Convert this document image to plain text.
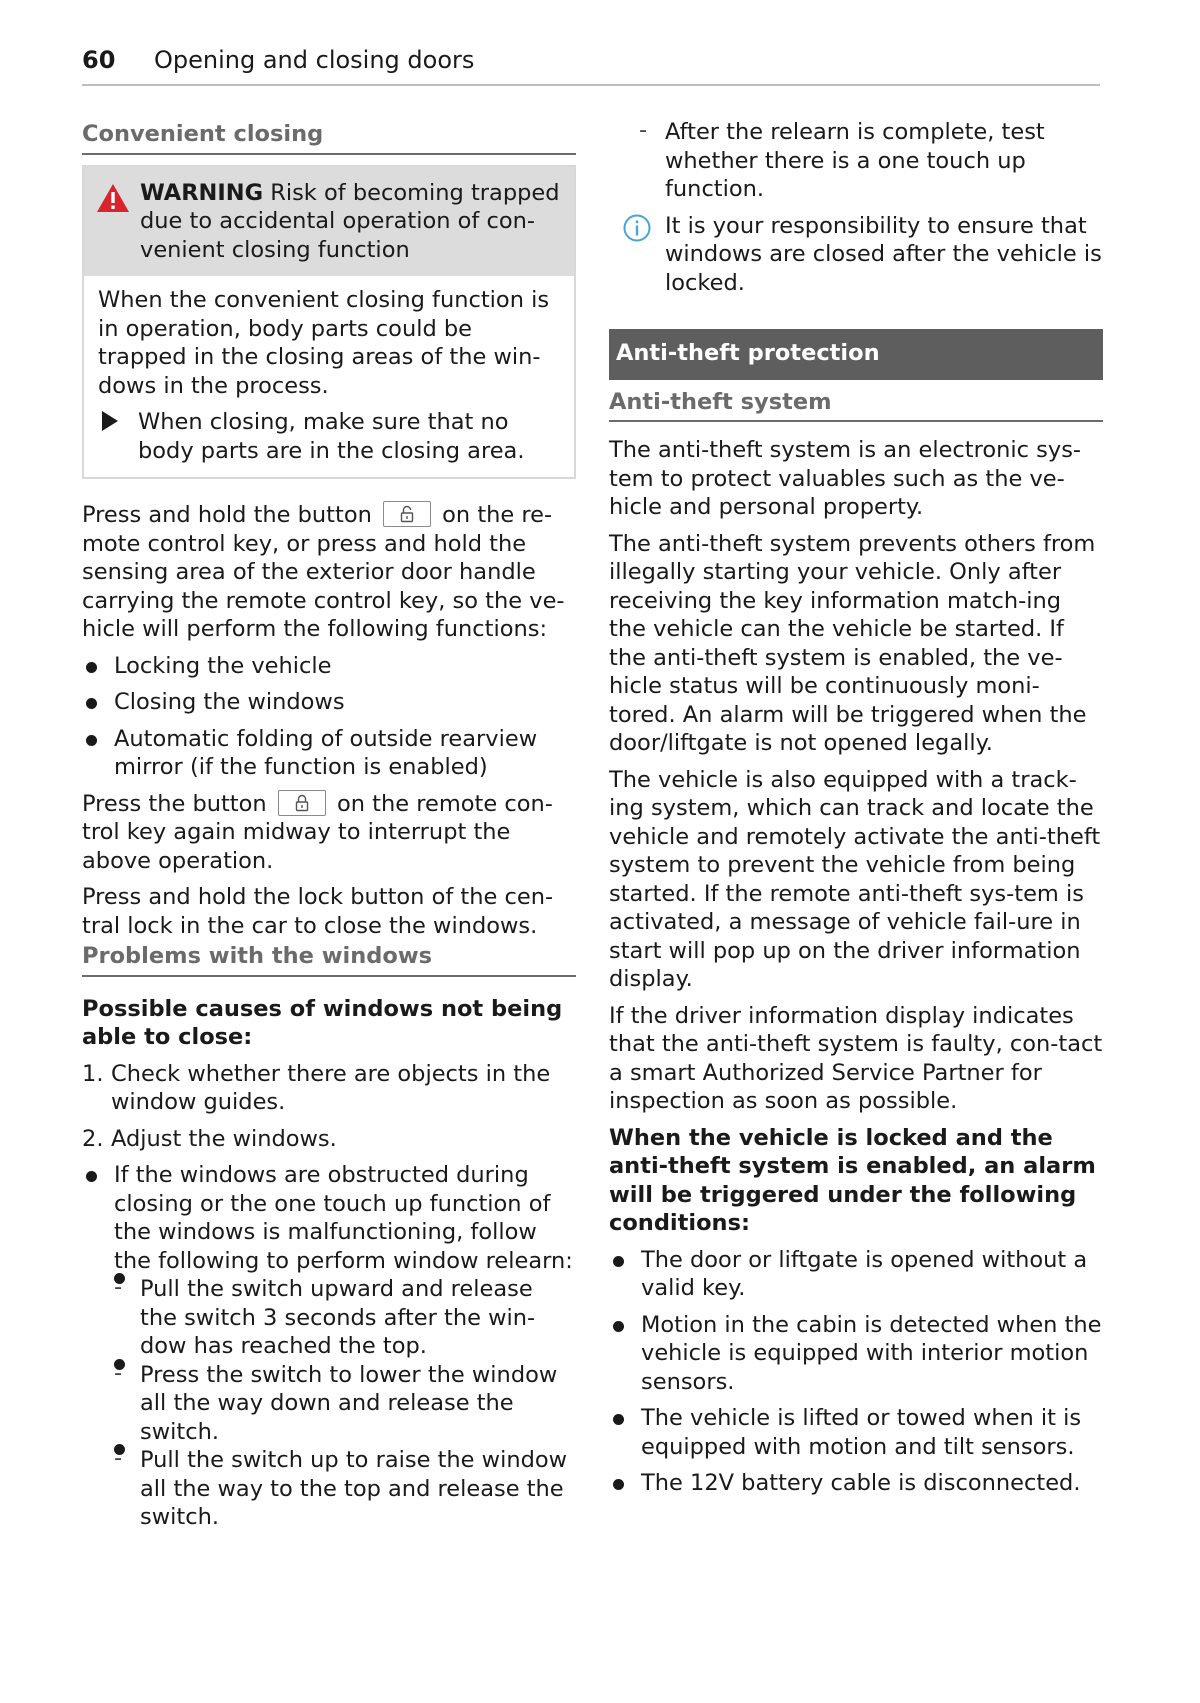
60 Opening and closing doors
Convenient closing
WARNING Risk of becoming trapped due to accidental operation of con-venient closing function

When the convenient closing function is in operation, body parts could be trapped in the closing areas of the win-dows in the process.

When closing, make sure that no body parts are in the closing area.

Press and hold the button
on the re-mote control key, or press and hold the sensing area of the exterior door handle carrying the remote control key, so the ve-hicle will perform the following functions:

Locking the vehicle
Closing the windows
Automatic folding of outside rearview mirror (if the function is enabled)

Press the button
on the remote con-trol key again midway to interrupt the above operation.

Press and hold the lock button of the cen-tral lock in the car to close the windows.

Problems with the windows

Possible causes of windows not being able to close:

1. Check whether there are objects in the window guides.
2. Adjust the windows.
If the windows are obstructed during closing or the one touch up function of the windows is malfunctioning, follow the following to perform window relearn:
- Pull the switch upward and release the switch 3 seconds after the win-dow has reached the top.
- Press the switch to lower the window all the way down and release the switch.
- Pull the switch up to raise the window all the way to the top and release the switch.
- After the relearn is complete, test whether there is a one touch up function.
It is your responsibility to ensure that windows are closed after the vehicle is locked.
Anti-theft protection
Anti-theft system

The anti-theft system is an electronic sys-tem to protect valuables such as the ve-hicle and personal property.

The anti-theft system prevents others from illegally starting your vehicle. Only after receiving the key information match-ing the vehicle can the vehicle be started. If the anti-theft system is enabled, the ve-hicle status will be continuously moni-tored. An alarm will be triggered when the door/liftgate is not opened legally.

The vehicle is also equipped with a track-ing system, which can track and locate the vehicle and remotely activate the anti-theft system to prevent the vehicle from being started. If the remote anti-theft sys-tem is activated, a message of vehicle fail-ure in start will pop up on the driver information display.

If the driver information display indicates that the anti-theft system is faulty, con-tact a smart Authorized Service Partner for inspection as soon as possible.

When the vehicle is locked and the anti-theft system is enabled, an alarm will be triggered under the following conditions:

The door or liftgate is opened without a valid key.
Motion in the cabin is detected when the vehicle is equipped with interior motion sensors.
The vehicle is lifted or towed when it is equipped with motion and tilt sensors.
The 12V battery cable is disconnected.
